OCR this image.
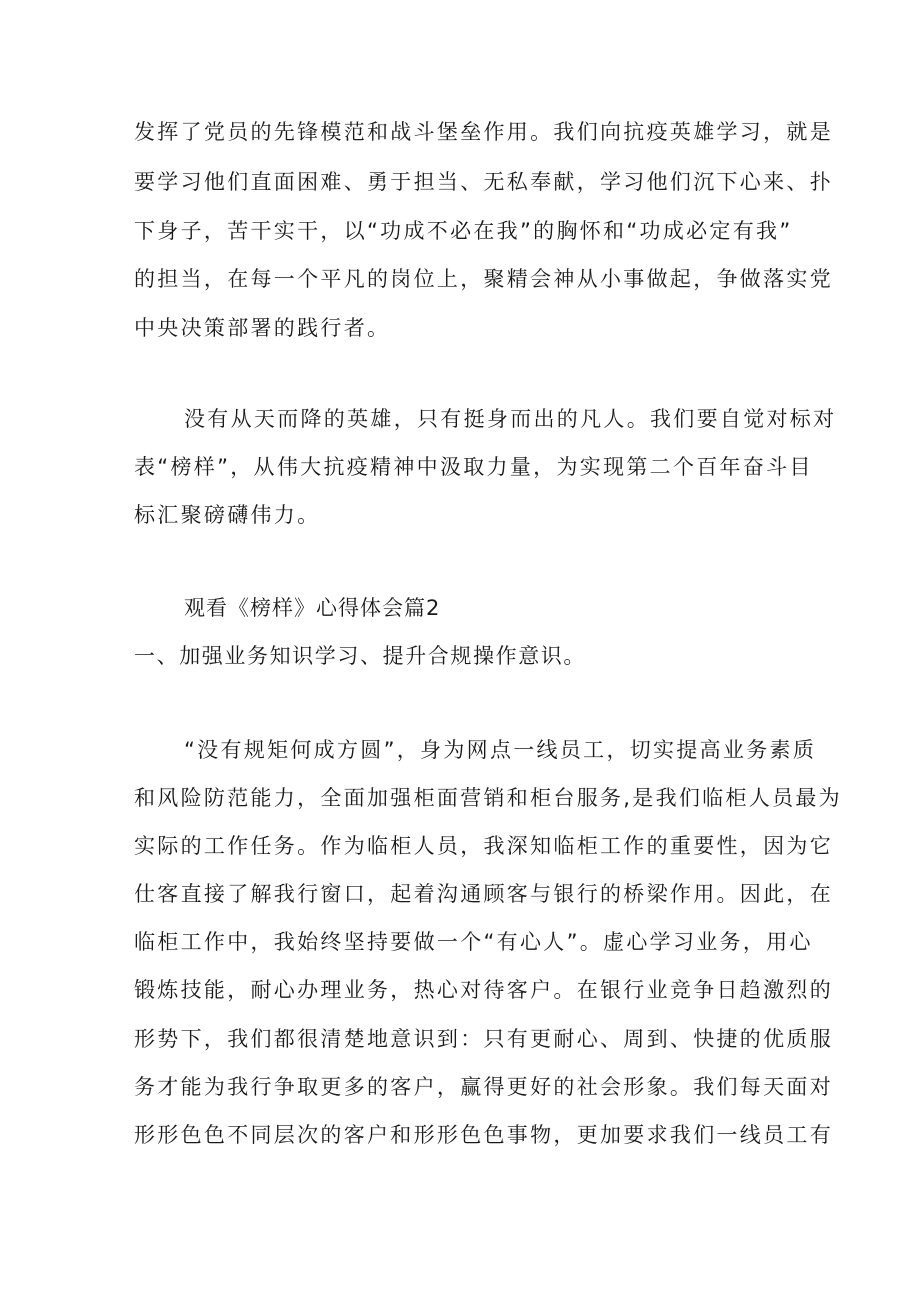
发挥了党员的先锋模范和战斗堡垒作用。我们向抗疫英雄学习，就是
要学习他们直面困难、勇于担当、无私奉献，学习他们沉下心来、扑
下身子，苦干实干，以“功成不必在我”的胸怀和“功成必定有我”
的担当，在每一个平凡的岗位上，聚精会神从小事做起，争做落实党
中央决策部署的践行者。
没有从天而降的英雄，只有挺身而出的凡人。我们要自觉对标对
表“榜样”，从伟大抗疫精神中汲取力量，为实现第二个百年奋斗目
标汇聚磅礴伟力。
观看《榜样》心得体会篇2
一、加强业务知识学习、提升合规操作意识。
“没有规矩何成方圆”，身为网点一线员工，切实提高业务素质
和风险防范能力，全面加强柜面营销和柜台服务,是我们临柜人员最为
实际的工作任务。作为临柜人员，我深知临柜工作的重要性，因为它
仕客直接了解我行窗口，起着沟通顾客与银行的桥梁作用。因此，在
临柜工作中，我始终坚持要做一个“有心人”。虚心学习业务，用心
锻炼技能，耐心办理业务，热心对待客户。在银行业竞争日趋激烈的
形势下，我们都很清楚地意识到：只有更耐心、周到、快捷的优质服
务才能为我行争取更多的客户，赢得更好的社会形象。我们每天面对
形形色色不同层次的客户和形形色色事物，更加要求我们一线员工有
